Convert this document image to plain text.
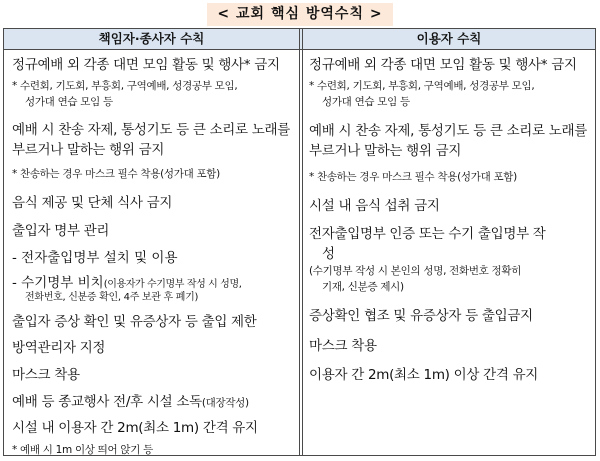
< 교회 핵심 방역수칙 >
책임자·종사자 수칙	이용자 수칙
정규예배 외 각종 대면 모임 활동 및 행사* 금지
* 수련회, 기도회, 부흥회, 구역예배, 성경공부 모임,
성가대 연습 모임 등
예배 시 찬송 자제, 통성기도 등 큰 소리로 노래를
부르거나 말하는 행위 금지
* 찬송하는 경우 마스크 필수 착용(성가대 포함)
음식 제공 및 단체 식사 금지
출입자 명부 관리
- 전자출입명부 설치 및 이용
- 수기명부 비치(이용자가 수기명부 작성 시 성명,
전화번호, 신분증 확인, 4주 보관 후 폐기)
출입자 증상 확인 및 유증상자 등 출입 제한
방역관리자 지정
마스크 착용
예배 등 종교행사 전/후 시설 소독(대장작성)
시설 내 이용자 간 2m(최소 1m) 간격 유지
* 예배 시 1m 이상 띄어 앉기 등
정규예배 외 각종 대면 모임 활동 및 행사* 금지
* 수련회, 기도회, 부흥회, 구역예배, 성경공부 모임,
성가대 연습 모임 등
예배 시 찬송 자제, 통성기도 등 큰 소리로 노래를
부르거나 말하는 행위 금지
* 찬송하는 경우 마스크 필수 착용(성가대 포함)
시설 내 음식 섭취 금지
전자출입명부 인증 또는 수기 출입명부 작
성
(수기명부 작성 시 본인의 성명, 전화번호 정확히
기재, 신분증 제시)
증상확인 협조 및 유증상자 등 출입금지
마스크 착용
이용자 간 2m(최소 1m) 이상 간격 유지
